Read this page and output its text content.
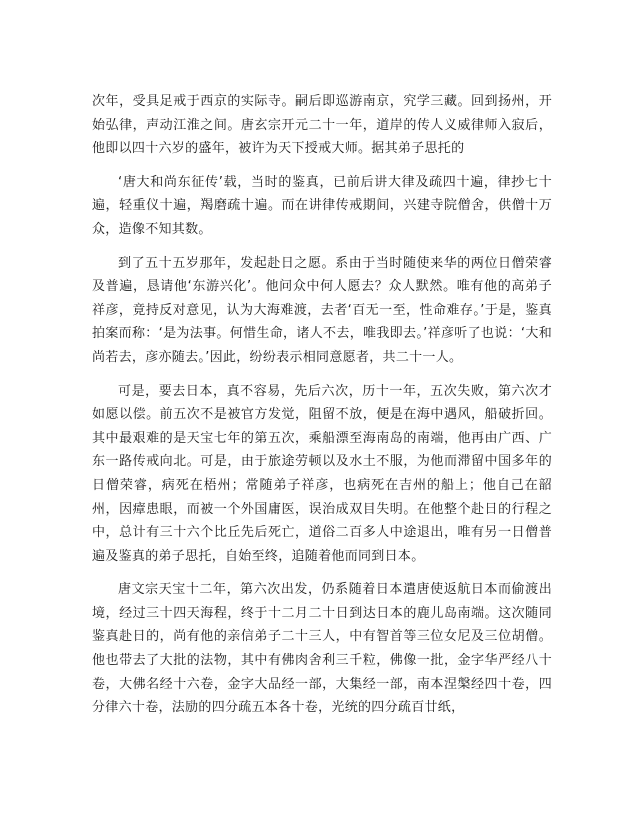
次年，受具足戒于西京的实际寺。嗣后即巡游南京，究学三藏。回到扬州，开始弘律，声动江淮之间。唐玄宗开元二十一年，道岸的传人义威律师入寂后，他即以四十六岁的盛年，被许为天下授戒大师。据其弟子思托的

‘唐大和尚东征传’载，当时的鉴真，已前后讲大律及疏四十遍，律抄七十遍，轻重仪十遍，羯磨疏十遍。而在讲律传戒期间，兴建寺院僧舍，供僧十万众，造像不知其数。

到了五十五岁那年，发起赴日之愿。系由于当时随使来华的两位日僧荣睿及普遍，恳请他‘东游兴化’。他问众中何人愿去？众人默然。唯有他的高弟子祥彦，竟持反对意见，认为大海难渡，去者‘百无一至，性命难存。’于是，鉴真拍案而称：‘是为法事。何惜生命，诸人不去，唯我即去。’祥彦听了也说：‘大和尚若去，彦亦随去。’因此，纷纷表示相同意愿者，共二十一人。

可是，要去日本，真不容易，先后六次，历十一年，五次失败，第六次才如愿以偿。前五次不是被官方发觉，阻留不放，便是在海中遇风，船破折回。其中最艰难的是天宝七年的第五次，乘船漂至海南岛的南端，他再由广西、广东一路传戒向北。可是，由于旅途劳顿以及水土不服，为他而滞留中国多年的日僧荣睿，病死在梧州；常随弟子祥彦，也病死在吉州的船上；他自己在韶州，因瘴患眼，而被一个外国庸医，误治成双目失明。在他整个赴日的行程之中，总计有三十六个比丘先后死亡，道俗二百多人中途退出，唯有另一日僧普遍及鉴真的弟子思托，自始至终，追随着他而同到日本。

唐文宗天宝十二年，第六次出发，仍系随着日本遣唐使返航日本而偷渡出境，经过三十四天海程，终于十二月二十日到达日本的鹿儿岛南端。这次随同鉴真赴日的，尚有他的亲信弟子二十三人，中有智首等三位女尼及三位胡僧。他也带去了大批的法物，其中有佛肉舍利三千粒，佛像一批，金字华严经八十卷，大佛名经十六卷，金字大品经一部，大集经一部，南本涅槃经四十卷，四分律六十卷，法励的四分疏五本各十卷，光统的四分疏百廿纸，
